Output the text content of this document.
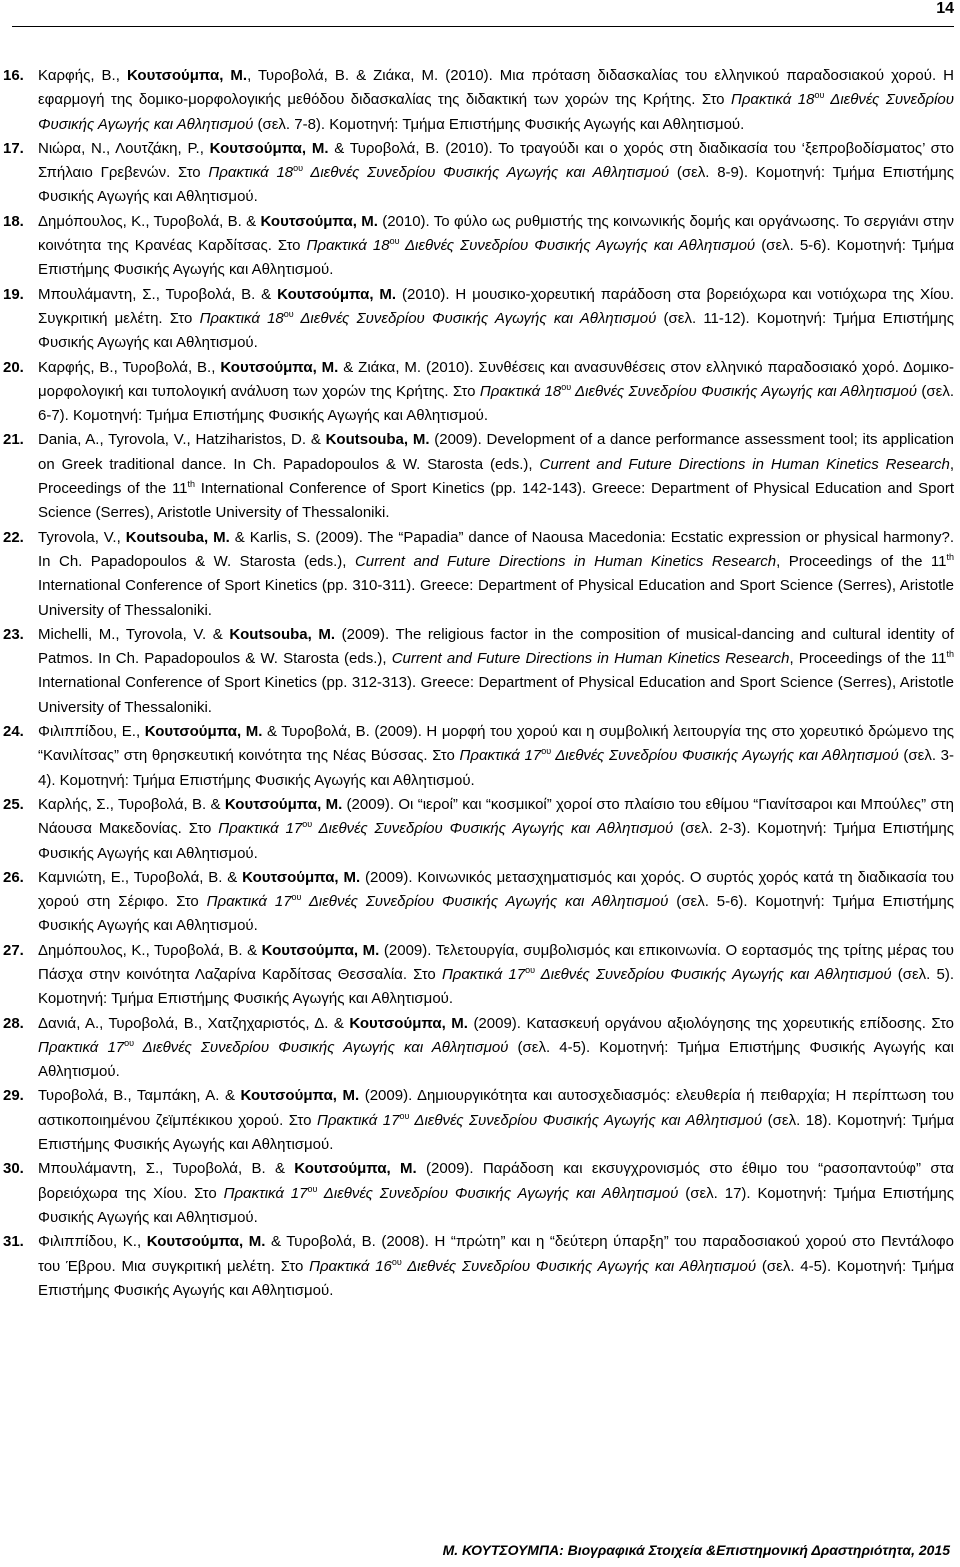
14
16. Καρφής, Β., Κουτσούμπα, Μ., Τυροβολά, Β. & Ζιάκα, Μ. (2010). Μια πρόταση διδασκαλίας του ελληνικού παραδοσιακού χορού. Η εφαρμογή της δομικο-μορφολογικής μεθόδου διδασκαλίας της διδακτική των χορών της Κρήτης. Στο Πρακτικά $18^{o\upsilon}$ Διεθνές Συνεδρίου Φυσικής Αγωγής και Αθλητισμού (σελ. 7-8). Κομοτηνή: Τμήμα Επιστήμης Φυσικής Αγωγής και Αθλητισμού.
17. Νιώρα, Ν., Λουτζάκη, Ρ., Κουτσούμπα, Μ. & Τυροβολά, Β. (2010). Το τραγούδι και ο χορός στη διαδικασία του ‘ξεπροβοδίσματος’ στο Σπήλαιο Γρεβενών. Στο Πρακτικά $18^{o\upsilon}$ Διεθνές Συνεδρίου Φυσικής Αγωγής και Αθλητισμού (σελ. 8-9). Κομοτηνή: Τμήμα Επιστήμης Φυσικής Αγωγής και Αθλητισμού.
18. Δημόπουλος, Κ., Τυροβολά, Β. & Κουτσούμπα, Μ. (2010). Το φύλο ως ρυθμιστής της κοινωνικής δομής και οργάνωσης. Το σεργιάνι στην κοινότητα της Κρανέας Καρδίτσας. Στο Πρακτικά $18^{o\upsilon}$ Διεθνές Συνεδρίου Φυσικής Αγωγής και Αθλητισμού (σελ. 5-6). Κομοτηνή: Τμήμα Επιστήμης Φυσικής Αγωγής και Αθλητισμού.
19. Μπουλάμαντη, Σ., Τυροβολά, Β. & Κουτσούμπα, Μ. (2010). Η μουσικο-χορευτική παράδοση στα βορειόχωρα και νοτιόχωρα της Χίου. Συγκριτική μελέτη. Στο Πρακτικά $18^{o\upsilon}$ Διεθνές Συνεδρίου Φυσικής Αγωγής και Αθλητισμού (σελ. 11-12). Κομοτηνή: Τμήμα Επιστήμης Φυσικής Αγωγής και Αθλητισμού.
20. Καρφής, Β., Τυροβολά, Β., Κουτσούμπα, Μ. & Ζιάκα, Μ. (2010). Συνθέσεις και ανασυνθέσεις στον ελληνικό παραδοσιακό χορό. Δομικο-μορφολογική και τυπολογική ανάλυση των χορών της Κρήτης. Στο Πρακτικά $18^{o\upsilon}$ Διεθνές Συνεδρίου Φυσικής Αγωγής και Αθλητισμού (σελ. 6-7). Κομοτηνή: Τμήμα Επιστήμης Φυσικής Αγωγής και Αθλητισμού.
21. Dania, A., Tyrovola, V., Hatziharistos, D. & Koutsouba, M. (2009). Development of a dance performance assessment tool; its application on Greek traditional dance. In Ch. Papadopoulos & W. Starosta (eds.), Current and Future Directions in Human Kinetics Research, Proceedings of the 11th International Conference of Sport Kinetics (pp. 142-143). Greece: Department of Physical Education and Sport Science (Serres), Aristotle University of Thessaloniki.
22. Tyrovola, V., Koutsouba, M. & Karlis, S. (2009). The “Papadia” dance of Naousa Macedonia: Ecstatic expression or physical harmony?. In Ch. Papadopoulos & W. Starosta (eds.), Current and Future Directions in Human Kinetics Research, Proceedings of the 11th International Conference of Sport Kinetics (pp. 310-311). Greece: Department of Physical Education and Sport Science (Serres), Aristotle University of Thessaloniki.
23. Michelli, M., Tyrovola, V. & Koutsouba, M. (2009). The religious factor in the composition of musical-dancing and cultural identity of Patmos. In Ch. Papadopoulos & W. Starosta (eds.), Current and Future Directions in Human Kinetics Research, Proceedings of the 11th International Conference of Sport Kinetics (pp. 312-313). Greece: Department of Physical Education and Sport Science (Serres), Aristotle University of Thessaloniki.
24. Φιλιππίδου, Ε., Κουτσούμπα, Μ. & Τυροβολά, Β. (2009). Η μορφή του χορού και η συμβολική λειτουργία της στο χορευτικό δρώμενο της “Κανιλίτσας” στη θρησκευτική κοινότητα της Νέας Βύσσας. Στο Πρακτικά $17^{o\upsilon}$ Διεθνές Συνεδρίου Φυσικής Αγωγής και Αθλητισμού (σελ. 3-4). Κομοτηνή: Τμήμα Επιστήμης Φυσικής Αγωγής και Αθλητισμού.
25. Καρλής, Σ., Τυροβολά, Β. & Κουτσούμπα, Μ. (2009). Οι “ιεροί” και “κοσμικοί” χοροί στο πλαίσιο του εθίμου “Γιανίτσαροι και Μπούλες” στη Νάουσα Μακεδονίας. Στο Πρακτικά $17^{o\upsilon}$ Διεθνές Συνεδρίου Φυσικής Αγωγής και Αθλητισμού (σελ. 2-3). Κομοτηνή: Τμήμα Επιστήμης Φυσικής Αγωγής και Αθλητισμού.
26. Καμνιώτη, Ε., Τυροβολά, Β. & Κουτσούμπα, Μ. (2009). Κοινωνικός μετασχηματισμός και χορός. Ο συρτός χορός κατά τη διαδικασία του χορού στη Σέριφο. Στο Πρακτικά $17^{o\upsilon}$ Διεθνές Συνεδρίου Φυσικής Αγωγής και Αθλητισμού (σελ. 5-6). Κομοτηνή: Τμήμα Επιστήμης Φυσικής Αγωγής και Αθλητισμού.
27. Δημόπουλος, Κ., Τυροβολά, Β. & Κουτσούμπα, Μ. (2009). Τελετουργία, συμβολισμός και επικοινωνία. Ο εορτασμός της τρίτης μέρας του Πάσχα στην κοινότητα Λαζαρίνα Καρδίτσας Θεσσαλία. Στο Πρακτικά $17^{o\upsilon}$ Διεθνές Συνεδρίου Φυσικής Αγωγής και Αθλητισμού (σελ. 5). Κομοτηνή: Τμήμα Επιστήμης Φυσικής Αγωγής και Αθλητισμού.
28. Δανιά, Α., Τυροβολά, Β., Χατζηχαριστός, Δ. & Κουτσούμπα, Μ. (2009). Κατασκευή οργάνου αξιολόγησης της χορευτικής επίδοσης. Στο Πρακτικά $17^{o\upsilon}$ Διεθνές Συνεδρίου Φυσικής Αγωγής και Αθλητισμού (σελ. 4-5). Κομοτηνή: Τμήμα Επιστήμης Φυσικής Αγωγής και Αθλητισμού.
29. Τυροβολά, Β., Ταμπάκη, Α. & Κουτσούμπα, Μ. (2009). Δημιουργικότητα και αυτοσχεδιασμός: ελευθερία ή πειθαρχία; Η περίπτωση του αστικοποιημένου ζεϊμπέκικου χορού. Στο Πρακτικά $17^{o\upsilon}$ Διεθνές Συνεδρίου Φυσικής Αγωγής και Αθλητισμού (σελ. 18). Κομοτηνή: Τμήμα Επιστήμης Φυσικής Αγωγής και Αθλητισμού.
30. Μπουλάμαντη, Σ., Τυροβολά, Β. & Κουτσούμπα, Μ. (2009). Παράδοση και εκσυγχρονισμός στο έθιμο του “ρασοπαντούφ” στα βορειόχωρα της Χίου. Στο Πρακτικά $17^{o\upsilon}$ Διεθνές Συνεδρίου Φυσικής Αγωγής και Αθλητισμού (σελ. 17). Κομοτηνή: Τμήμα Επιστήμης Φυσικής Αγωγής και Αθλητισμού.
31. Φιλιππίδου, Κ., Κουτσούμπα, Μ. & Τυροβολά, Β. (2008). Η “πρώτη” και η “δεύτερη ύπαρξη” του παραδοσιακού χορού στο Πεντάλοφο του Έβρου. Μια συγκριτική μελέτη. Στο Πρακτικά $16^{o\upsilon}$ Διεθνές Συνεδρίου Φυσικής Αγωγής και Αθλητισμού (σελ. 4-5). Κομοτηνή: Τμήμα Επιστήμης Φυσικής Αγωγής και Αθλητισμού.
Μ. ΚΟΥΤΣΟΥΜΠΑ: Βιογραφικά Στοιχεία &Επιστημονική Δραστηριότητα, 2015
